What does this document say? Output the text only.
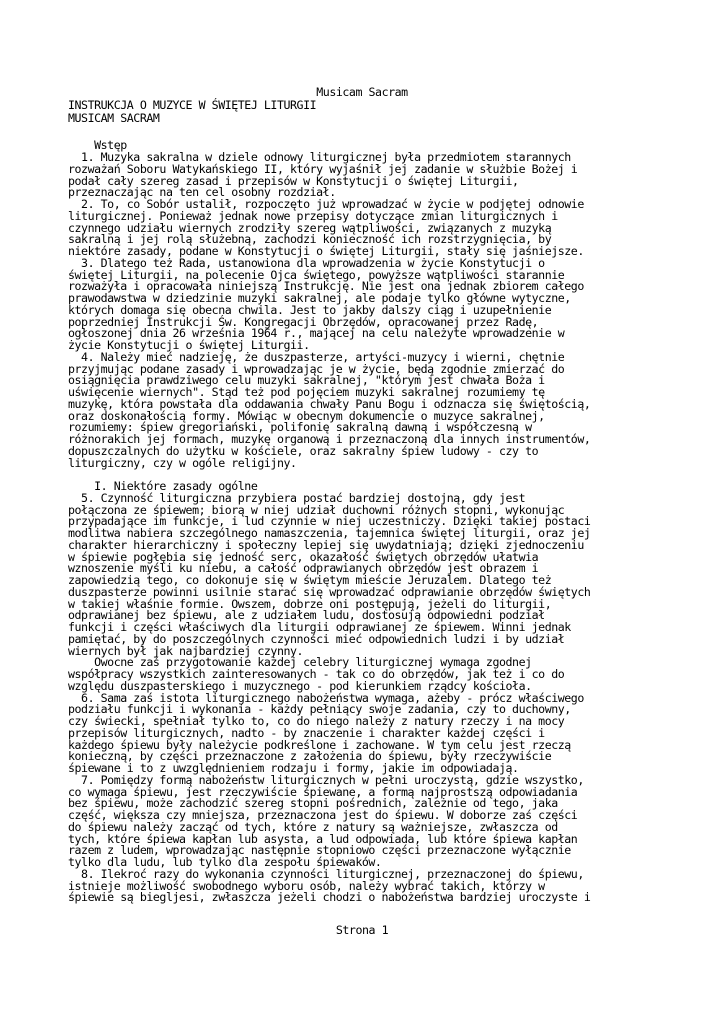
Musicam Sacram
INSTRUKCJA O MUZYCE W ŚWIĘTEJ LITURGII
MUSICAM SACRAM
Wstęp
1. Muzyka sakralna w dziele odnowy liturgicznej była przedmiotem starannych
rozważań Soboru Watykańskiego II, który wyjaśnił jej zadanie w służbie Bożej i
podał cały szereg zasad i przepisów w Konstytucji o świętej Liturgii,
przeznaczając na ten cel osobny rozdział.
2. To, co Sobór ustalił, rozpoczęto już wprowadzać w życie w podjętej odnowie
liturgicznej. Ponieważ jednak nowe przepisy dotyczące zmian liturgicznych i
czynnego udziału wiernych zrodziły szereg wątpliwości, związanych z muzyką
sakralną i jej rolą służebną, zachodzi konieczność ich rozstrzygnięcia, by
niektóre zasady, podane w Konstytucji o świętej Liturgii, stały się jaśniejsze.
3. Dlatego też Rada, ustanowiona dla wprowadzenia w życie Konstytucji o
świętej Liturgii, na polecenie Ojca świętego, powyższe wątpliwości starannie
rozważyła i opracowała niniejszą Instrukcję. Nie jest ona jednak zbiorem całego
prawodawstwa w dziedzinie muzyki sakralnej, ale podaje tylko główne wytyczne,
których domaga się obecna chwila. Jest to jakby dalszy ciąg i uzupełnienie
poprzedniej Instrukcji Św. Kongregacji Obrzędów, opracowanej przez Radę,
ogłoszonej dnia 26 września 1964 r., mającej na celu należyte wprowadzenie w
życie Konstytucji o świętej Liturgii.
4. Należy mieć nadzieję, że duszpasterze, artyści-muzycy i wierni, chętnie
przyjmując podane zasady i wprowadzając je w życie, będą zgodnie zmierzać do
osiągnięcia prawdziwego celu muzyki sakralnej, "którym jest chwała Boża i
uświęcenie wiernych". Stąd też pod pojęciem muzyki sakralnej rozumiemy tę
muzykę, która powstała dla oddawania chwały Panu Bogu i odznacza się świętością,
oraz doskonałością formy. Mówiąc w obecnym dokumencie o muzyce sakralnej,
rozumiemy: śpiew gregoriański, polifonię sakralną dawną i współczesną w
różnorakich jej formach, muzykę organową i przeznaczoną dla innych instrumentów,
dopuszczalnych do użytku w kościele, oraz sakralny śpiew ludowy - czy to
liturgiczny, czy w ogóle religijny.
I. Niektóre zasady ogólne
5. Czynność liturgiczna przybiera postać bardziej dostojną, gdy jest
połączona ze śpiewem; biorą w niej udział duchowni różnych stopni, wykonując
przypadające im funkcje, i lud czynnie w niej uczestniczy. Dzięki takiej postaci
modlitwa nabiera szczególnego namaszczenia, tajemnica świętej liturgii, oraz jej
charakter hierarchiczny i społeczny lepiej się uwydatniają; dzięki zjednoczeniu
w śpiewie pogłębia się jedność serc, okazałość świętych obrzędów ułatwia
wznoszenie myśli ku niebu, a całość odprawianych obrzędów jest obrazem i
zapowiedzią tego, co dokonuje się w świętym mieście Jeruzalem. Dlatego też
duszpasterze powinni usilnie starać się wprowadzać odprawianie obrzędów świętych
w takiej właśnie formie. Owszem, dobrze oni postępują, jeżeli do liturgii,
odprawianej bez śpiewu, ale z udziałem ludu, dostosują odpowiedni podział
funkcji i części właściwych dla liturgii odprawianej ze śpiewem. Winni jednak
pamiętać, by do poszczególnych czynności mieć odpowiednich ludzi i by udział
wiernych był jak najbardziej czynny.
Owocne zaś przygotowanie każdej celebry liturgicznej wymaga zgodnej
współpracy wszystkich zainteresowanych - tak co do obrzędów, jak też i co do
względu duszpasterskiego i muzycznego - pod kierunkiem rządcy kościoła.
6. Sama zaś istota liturgicznego nabożeństwa wymaga, ażeby - prócz właściwego
podziału funkcji i wykonania - każdy pełniący swoje zadania, czy to duchowny,
czy świecki, spełniał tylko to, co do niego należy z natury rzeczy i na mocy
przepisów liturgicznych, nadto - by znaczenie i charakter każdej części i
każdego śpiewu były należycie podkreślone i zachowane. W tym celu jest rzeczą
konieczną, by części przeznaczone z założenia do śpiewu, były rzeczywiście
śpiewane i to z uwzględnieniem rodzaju i formy, jakie im odpowiadają.
7. Pomiędzy formą nabożeństw liturgicznych w pełni uroczystą, gdzie wszystko,
co wymaga śpiewu, jest rzeczywiście śpiewane, a formą najprostszą odpowiadania
bez śpiewu, może zachodzić szereg stopni pośrednich, zależnie od tego, jaka
część, większa czy mniejsza, przeznaczona jest do śpiewu. W doborze zaś części
do śpiewu należy zacząć od tych, które z natury są ważniejsze, zwłaszcza od
tych, które śpiewa kapłan lub asysta, a lud odpowiada, lub które śpiewa kapłan
razem z ludem, wprowadzając następnie stopniowo części przeznaczone wyłącznie
tylko dla ludu, lub tylko dla zespołu śpiewaków.
8. Ilekroć razy do wykonania czynności liturgicznej, przeznaczonej do śpiewu,
istnieje możliwość swobodnego wyboru osób, należy wybrać takich, którzy w
śpiewie są biegljesi, zwłaszcza jeżeli chodzi o nabożeństwa bardziej uroczyste i
Strona 1
